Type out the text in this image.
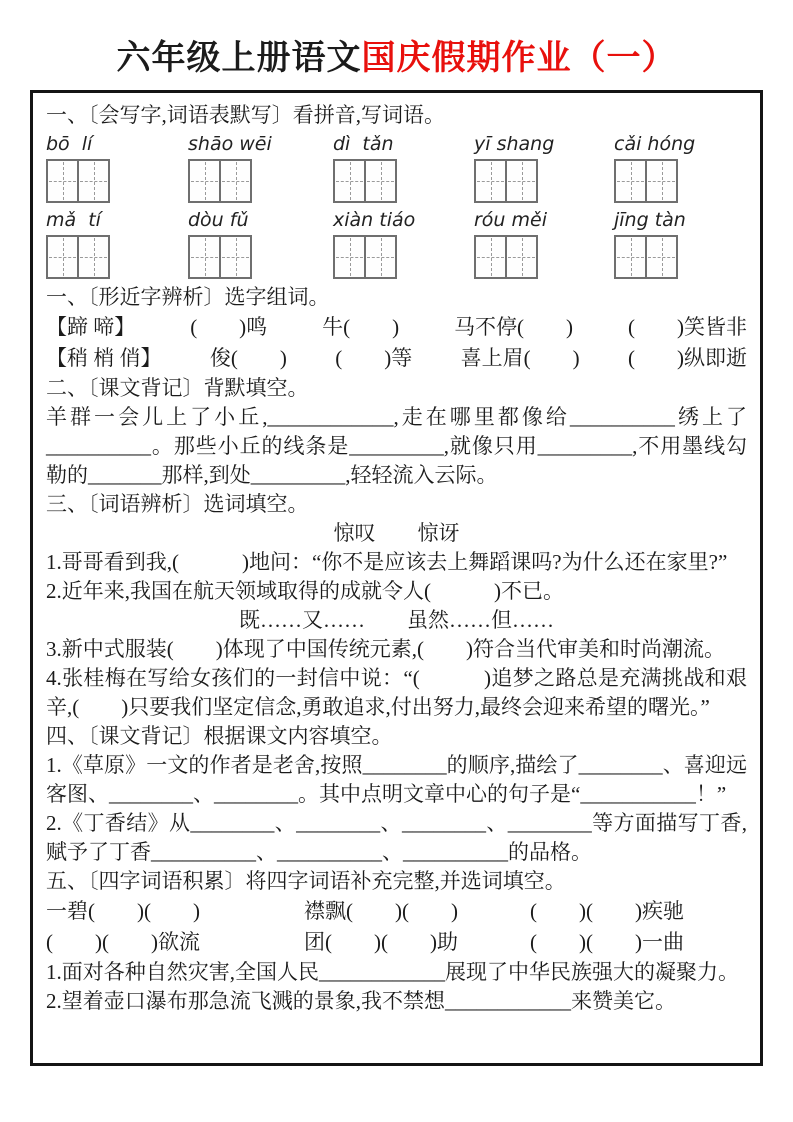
六年级上册语文国庆假期作业（一）

一、〔会写字,词语表默写〕看拼音,写词语。

bō  lí	shāo wēi	dì  tǎn	yī shang	cǎi hóng
mǎ  tí	dòu fǔ	xiàn tiáo	róu měi	jīng tàn

一、〔形近字辨析〕选字组词。

【蹄 啼】	(　　)鸣	牛(　　)	马不停(　　)	(　　)笑皆非
【稍 梢 俏】 俊(　　) (　　)等 喜上眉(　　) (　　)纵即逝

二、〔课文背记〕背默填空。

羊群一会儿上了小丘,____________,走在哪里都像给__________绣上了__________。那些小丘的线条是_________,就像只用_________,不用墨线勾勒的_______那样,到处_________,轻轻流入云际。

三、〔词语辨析〕选词填空。

惊叹　　惊讶

1.哥哥看到我,(　　　)地问：“你不是应该去上舞蹈课吗?为什么还在家里?”

2.近年来,我国在航天领域取得的成就令人(　　　)不已。

既……又……　　虽然……但……

3.新中式服装(　　)体现了中国传统元素,(　　)符合当代审美和时尚潮流。

4.张桂梅在写给女孩们的一封信中说：“(　　　)追梦之路总是充满挑战和艰辛,(　　)只要我们坚定信念,勇敢追求,付出努力,最终会迎来希望的曙光。”

四、〔课文背记〕根据课文内容填空。

1.《草原》一文的作者是老舍,按照________的顺序,描绘了________、喜迎远客图、________、________。其中点明文章中心的句子是“___________！”

2.《丁香结》从________、________、________、________等方面描写丁香,赋予了丁香__________、__________、__________的品格。

五、〔四字词语积累〕将四字词语补充完整,并选词填空。

一碧(　　)(　　)	襟飘(　　)(　　)	(　　)(　　)疾驰
(　　)(　　)欲流	团(　　)(　　)助	(　　)(　　)一曲

1.面对各种自然灾害,全国人民____________展现了中华民族强大的凝聚力。

2.望着壶口瀑布那急流飞溅的景象,我不禁想____________来赞美它。
